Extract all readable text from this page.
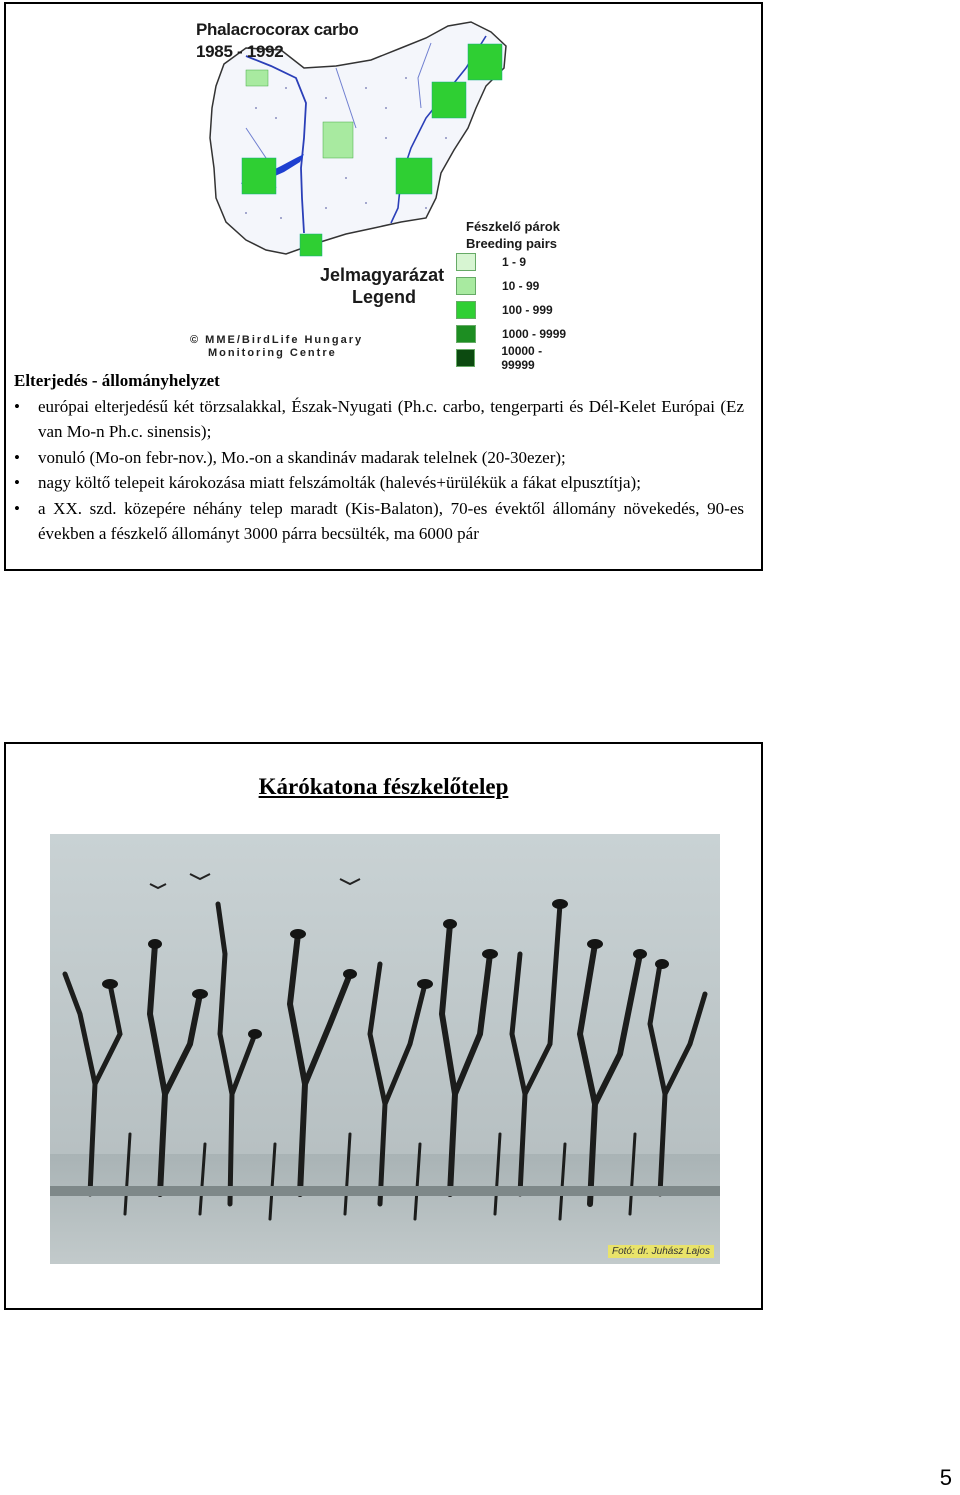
Phalacrocorax carbo
1985 - 1992
Fészkelő párok
Breeding pairs
1 - 9
10 - 99
100 - 999
1000 - 9999
10000 - 99999
Jelmagyarázat
Legend
© MME/BirdLife Hungary
Monitoring Centre
Elterjedés - állományhelyzet
• európai elterjedésű két törzsalakkal, Észak-Nyugati (Ph.c. carbo, tengerparti és Dél-Kelet Európai (Ez van Mo-n Ph.c. sinensis);
• vonuló (Mo-on febr-nov.), Mo.-on a skandináv madarak telelnek (20-30ezer);
• nagy költő telepeit károkozása miatt felszámolták (halevés+ürülékük a fákat elpusztítja);
• a XX. szd. közepére néhány telep maradt (Kis-Balaton), 70-es évektől állomány növekedés, 90-es években a fészkelő állományt 3000 párra becsülték, ma 6000 pár
Kárókatona fészkelőtelep
Fotó: dr. Juhász Lajos
5
